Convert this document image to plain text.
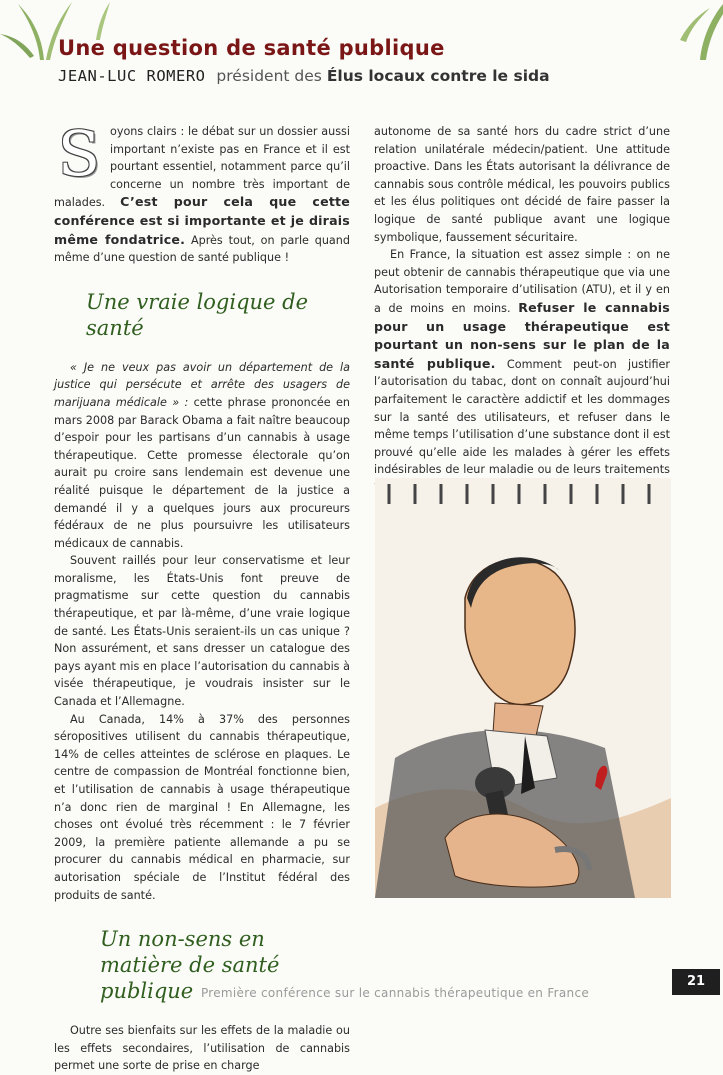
Une question de santé publique
JEAN-LUC ROMERO président des Élus locaux contre le sida

Soyons clairs : le débat sur un dossier aussi important n’existe pas en France et il est pourtant essentiel, notamment parce qu’il concerne un nombre très important de malades. C’est pour cela que cette conférence est si importante et je dirais même fondatrice. Après tout, on parle quand même d’une question de santé publique !

Une vraie logique de santé

« Je ne veux pas avoir un département de la justice qui persécute et arrête des usagers de marijuana médicale » : cette phrase prononcée en mars 2008 par Barack Obama a fait naître beaucoup d’espoir pour les partisans d’un cannabis à usage thérapeutique. Cette promesse électorale qu’on aurait pu croire sans lendemain est devenue une réalité puisque le département de la justice a demandé il y a quelques jours aux procureurs fédéraux de ne plus poursuivre les utilisateurs médicaux de cannabis.

Souvent raillés pour leur conservatisme et leur moralisme, les États-Unis font preuve de pragmatisme sur cette question du cannabis thérapeutique, et par là-même, d’une vraie logique de santé. Les États-Unis seraient-ils un cas unique ? Non assurément, et sans dresser un catalogue des pays ayant mis en place l’autorisation du cannabis à visée thérapeutique, je voudrais insister sur le Canada et l’Allemagne.

Au Canada, 14% à 37% des personnes séropositives utilisent du cannabis thérapeutique, 14% de celles atteintes de sclérose en plaques. Le centre de compassion de Montréal fonctionne bien, et l’utilisation de cannabis à usage thérapeutique n’a donc rien de marginal ! En Allemagne, les choses ont évolué très récemment : le 7 février 2009, la première patiente allemande a pu se procurer du cannabis médical en pharmacie, sur autorisation spéciale de l’Institut fédéral des produits de santé.

Un non-sens en matière de santé publique

Outre ses bienfaits sur les effets de la maladie ou les effets secondaires, l’utilisation de cannabis permet une sorte de prise en charge

autonome de sa santé hors du cadre strict d’une relation unilatérale médecin/patient. Une attitude proactive. Dans les États autorisant la délivrance de cannabis sous contrôle médical, les pouvoirs publics et les élus politiques ont décidé de faire passer la logique de santé publique avant une logique symbolique, faussement sécuritaire.

En France, la situation est assez simple : on ne peut obtenir de cannabis thérapeutique que via une Autorisation temporaire d’utilisation (ATU), et il y en a de moins en moins. Refuser le cannabis pour un usage thérapeutique est pourtant un non-sens sur le plan de la santé publique. Comment peut-on justifier l’autorisation du tabac, dont on connaît aujourd’hui parfaitement le caractère addictif et les dommages sur la santé des utilisateurs, et refuser dans le même temps l’utilisation d’une substance dont il est prouvé qu’elle aide les malades à gérer les effets indésirables de leur maladie ou de leurs traitements

Première conférence sur le cannabis thérapeutique en France
21
